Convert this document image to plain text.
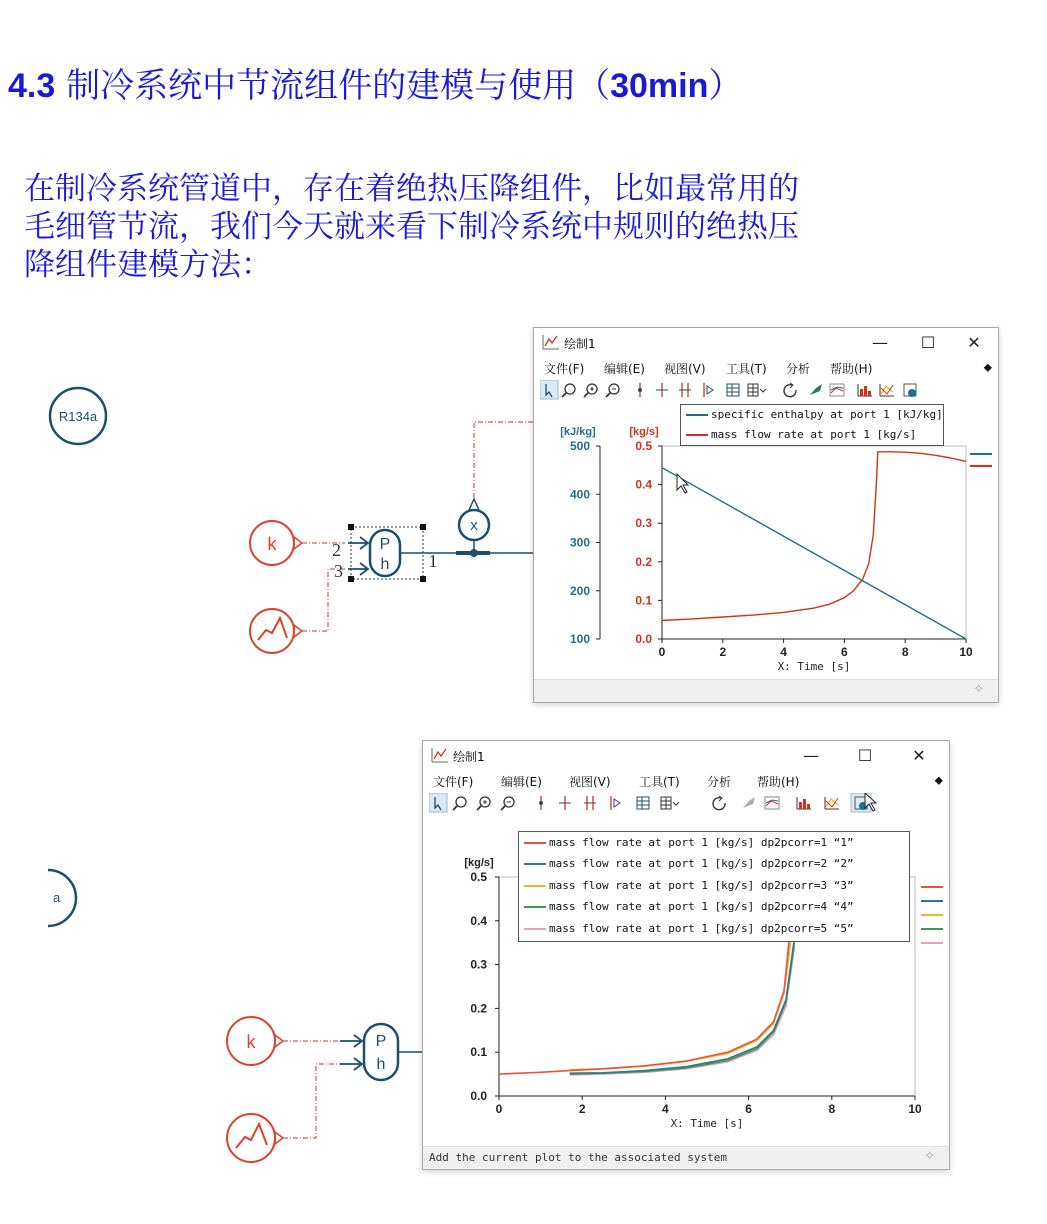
4.3 制冷系统中节流组件的建模与使用（30min）
在制冷系统管道中，存在着绝热压降组件，比如最常用的
毛细管节流，我们今天就来看下制冷系统中规则的绝热压
降组件建模方法：
R134a
k	P
h
2
3	1
x
a
k	P
h
绘制1	—	☐	✕
文件(F) 编辑(E) 视图(V) 工具(T) 分析 帮助(H)	⬥
0	2	4	6	8	10
X: Time [s]
100
200
300
400
500
[kJ/kg]
0.0
0.1
0.2
0.3
0.4
0.5
[kg/s]
specific enthalpy at port 1 [kJ/kg]
mass flow rate at port 1 [kg/s]
✧
绘制1	—	☐	✕
文件(F) 编辑(E) 视图(V) 工具(T) 分析 帮助(H)	⬥
0	2	4	6	8	10
X: Time [s]
0.0
0.1
0.2
0.3
0.4
0.5
[kg/s]
mass flow rate at port 1 [kg/s] dp2pcorr=1 “1”
mass flow rate at port 1 [kg/s] dp2pcorr=2 “2”
mass flow rate at port 1 [kg/s] dp2pcorr=3 “3”
mass flow rate at port 1 [kg/s] dp2pcorr=4 “4”
mass flow rate at port 1 [kg/s] dp2pcorr=5 “5”
Add the current plot to the associated system	✧
